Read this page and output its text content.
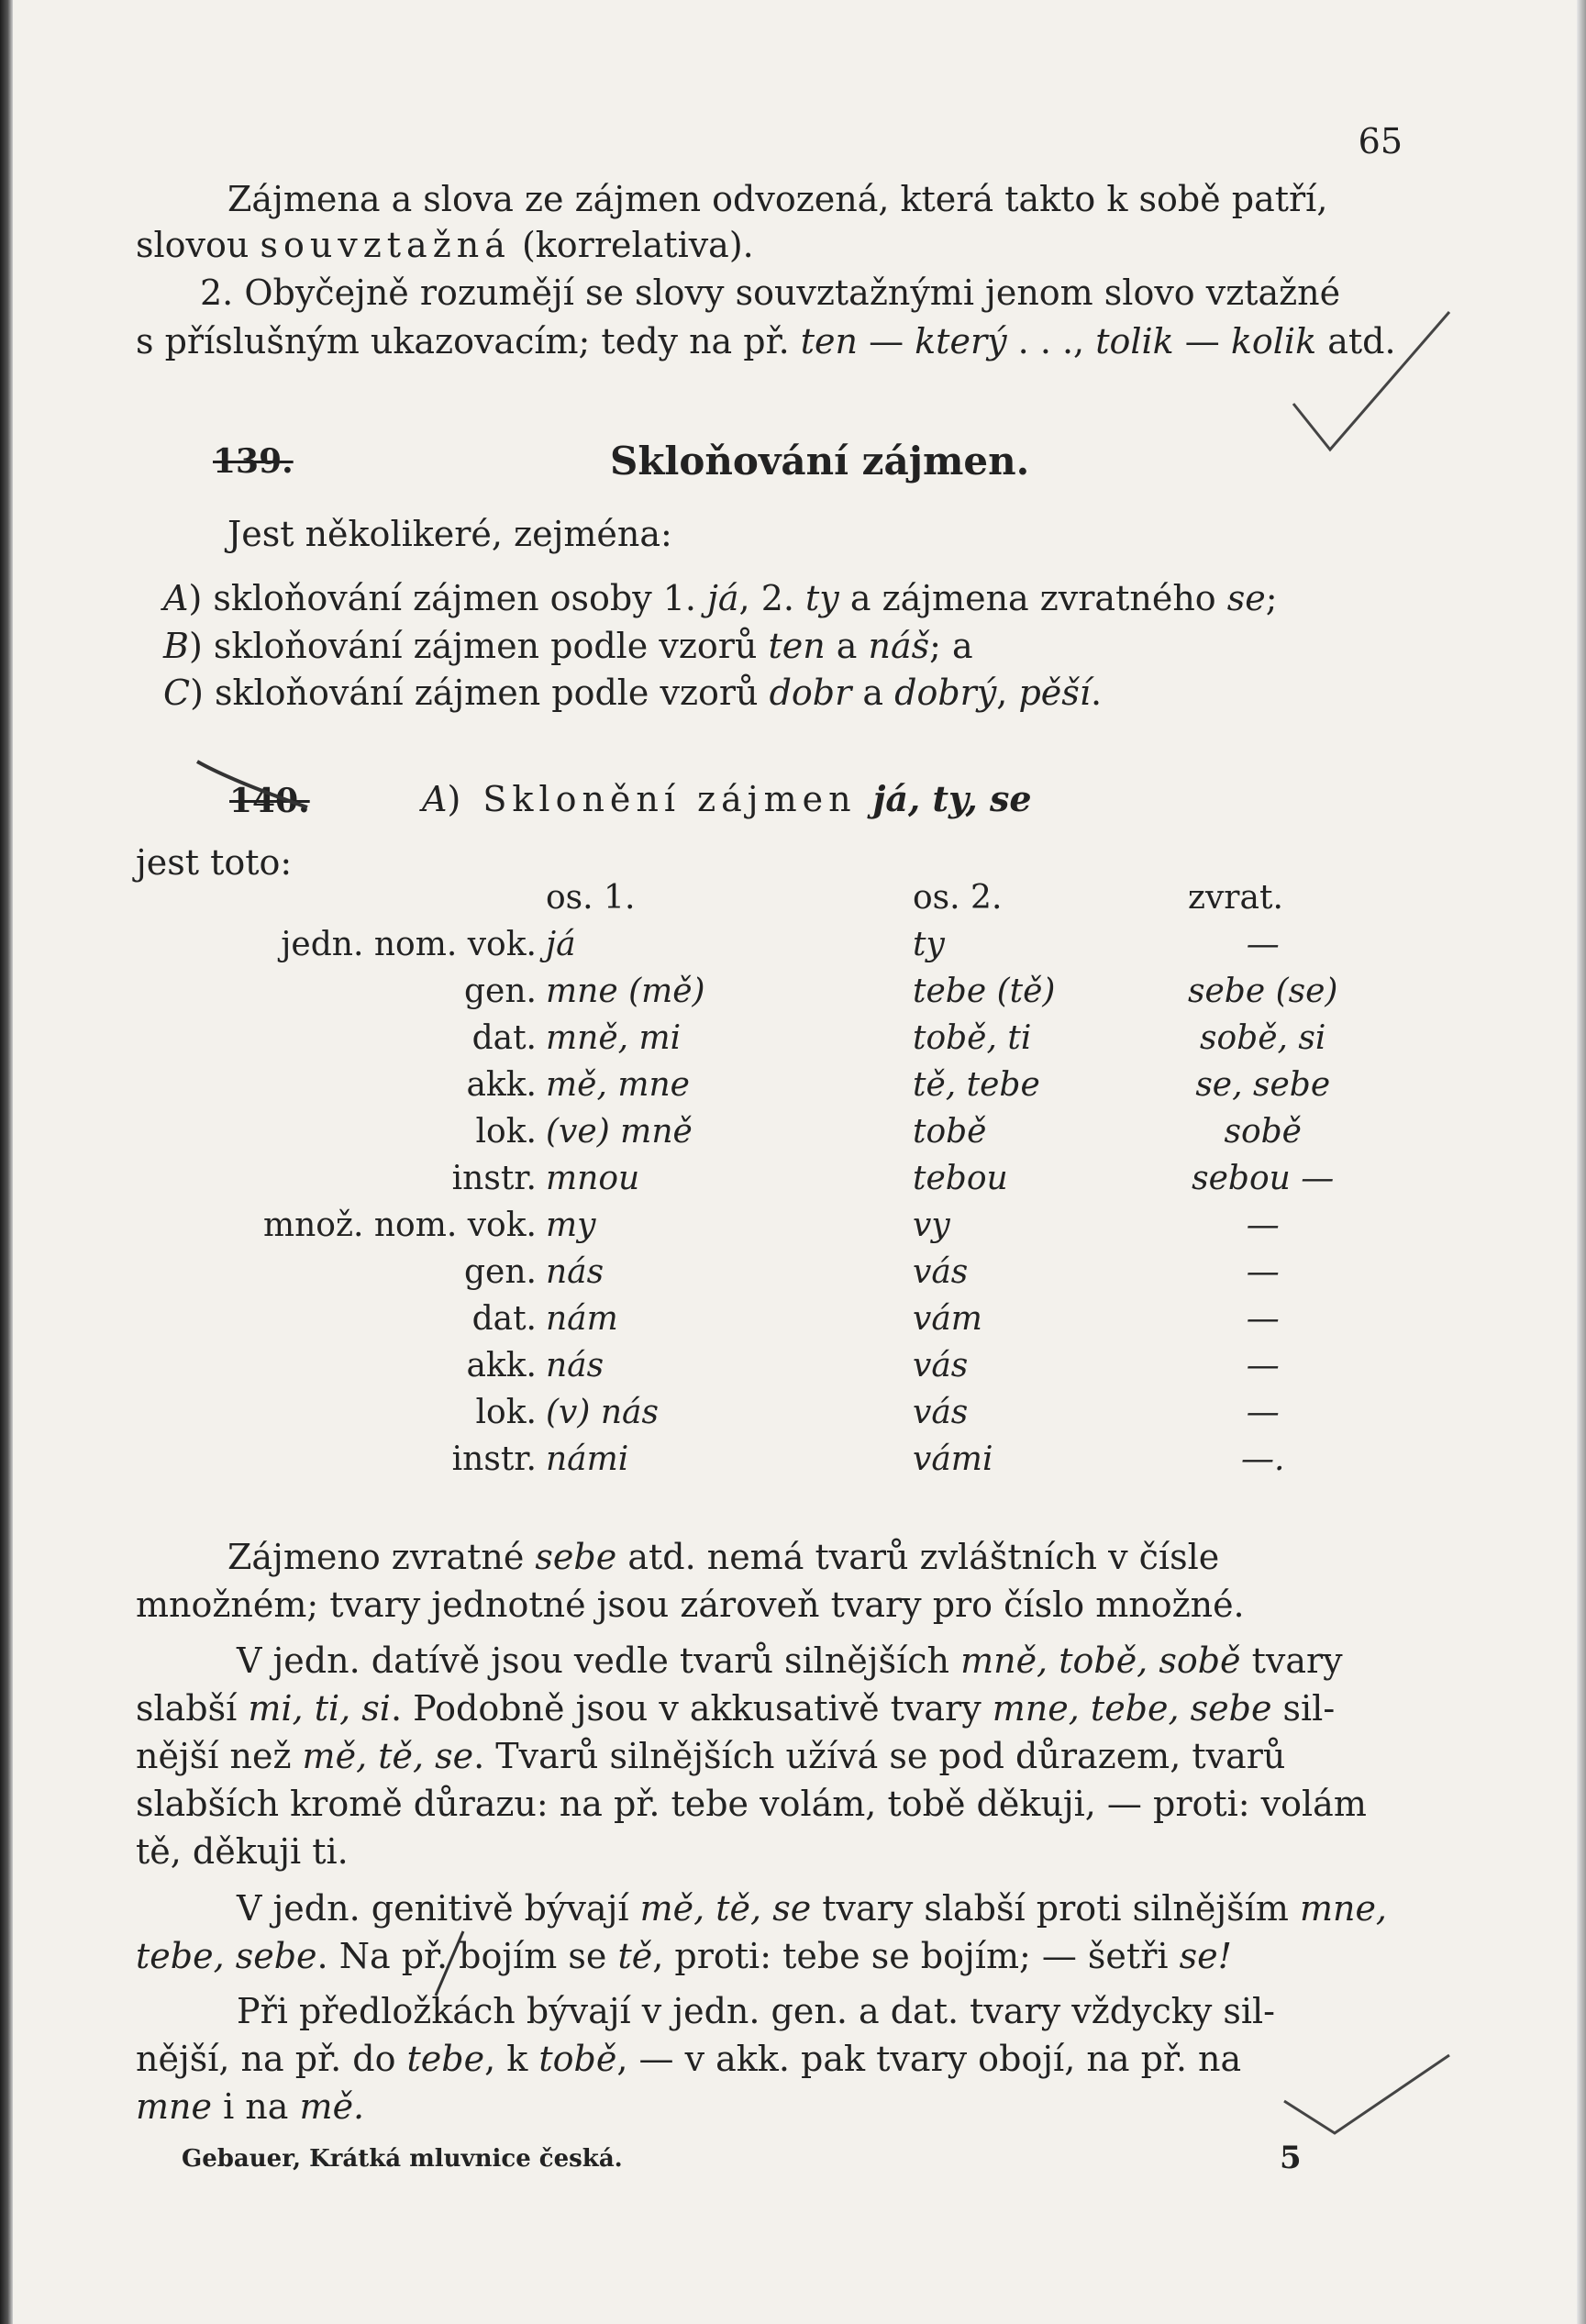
65
Zájmena a slova ze zájmen odvozená, která takto k sobě patří,
slovou souvztažná (korrelativa).
2. Obyčejně rozumějí se slovy souvztažnými jenom slovo vztažné
s příslušným ukazovacím; tedy na př. ten — který . . ., tolik — kolik atd.
139.	Skloňování zájmen.
Jest několikeré, zejména:
A) skloňování zájmen osoby 1. já, 2. ty a zájmena zvratného se;
B) skloňování zájmen podle vzorů ten a náš; a
C) skloňování zájmen podle vzorů dobr a dobrý, pěší.
140.	A) Sklonění zájmen já, ty, se
jest toto:
	os. 1.	os. 2.	zvrat.
jedn. nom. vok.	já	ty	—
gen.	mne (mě)	tebe (tě)	sebe (se)
dat.	mně, mi	tobě, ti	sobě, si
akk.	mě, mne	tě, tebe	se, sebe
lok.	(ve) mně	tobě	sobě
instr.	mnou	tebou	sebou —
množ. nom. vok.	my	vy	—
gen.	nás	vás	—
dat.	nám	vám	—
akk.	nás	vás	—
lok.	(v) nás	vás	—
instr.	námi	vámi	—.
Zájmeno zvratné sebe atd. nemá tvarů zvláštních v čísle
množném; tvary jednotné jsou zároveň tvary pro číslo množné.
V jedn. datívě jsou vedle tvarů silnějších mně, tobě, sobě tvary
slabší mi, ti, si. Podobně jsou v akkusativě tvary mne, tebe, sebe sil-
nější než mě, tě, se. Tvarů silnějších užívá se pod důrazem, tvarů
slabších kromě důrazu: na př. tebe volám, tobě děkuji, — proti: volám
tě, děkuji ti.
V jedn. genitivě bývají mě, tě, se tvary slabší proti silnějším mne,
tebe, sebe. Na př. bojím se tě, proti: tebe se bojím; — šetři se!
Při předložkách bývají v jedn. gen. a dat. tvary vždycky sil-
nější, na př. do tebe, k tobě, — v akk. pak tvary obojí, na př. na
mne i na mě.
Gebauer, Krátká mluvnice česká.	5
